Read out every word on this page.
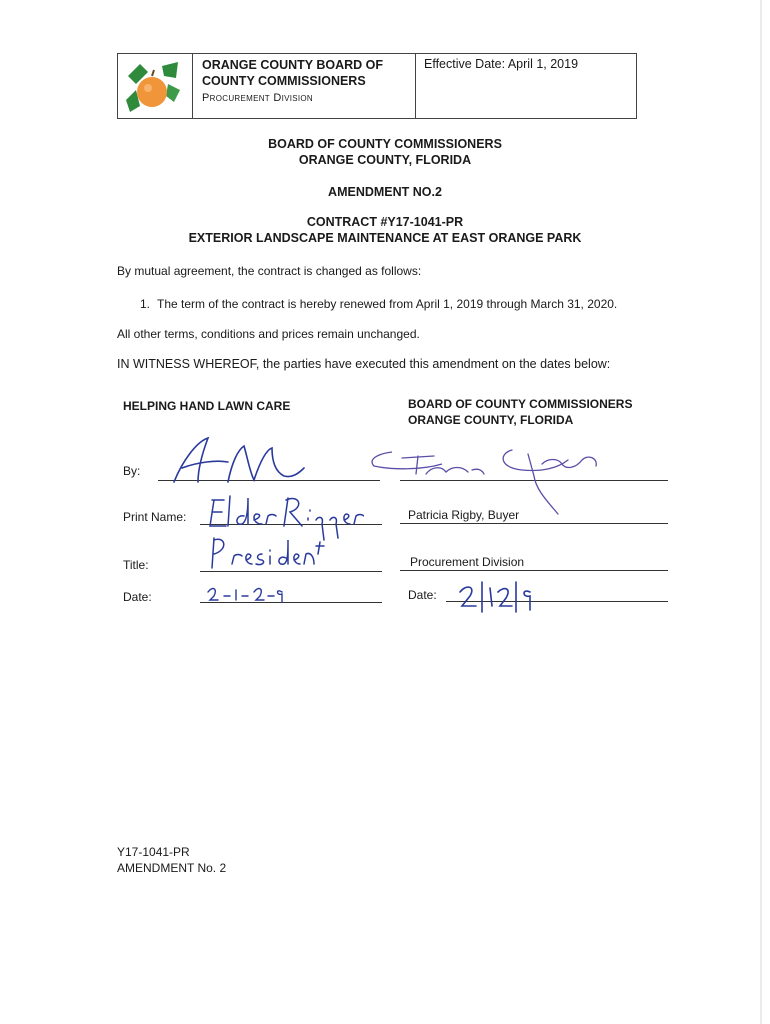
ORANGE COUNTY BOARD OF
COUNTY COMMISSIONERS
Procurement Division
Effective Date: April 1, 2019
BOARD OF COUNTY COMMISSIONERS
ORANGE COUNTY, FLORIDA
AMENDMENT NO.2
CONTRACT #Y17-1041-PR
EXTERIOR LANDSCAPE MAINTENANCE AT EAST ORANGE PARK
By mutual agreement, the contract is changed as follows:
1. The term of the contract is hereby renewed from April 1, 2019 through March 31, 2020.
All other terms, conditions and prices remain unchanged.
IN WITNESS WHEREOF, the parties have executed this amendment on the dates below:
HELPING HAND LAWN CARE	BOARD OF COUNTY COMMISSIONERS
ORANGE COUNTY, FLORIDA
By:
Print Name:	Patricia Rigby, Buyer
Title:	Procurement Division
Date:	Date:
Y17-1041-PR
AMENDMENT No. 2
